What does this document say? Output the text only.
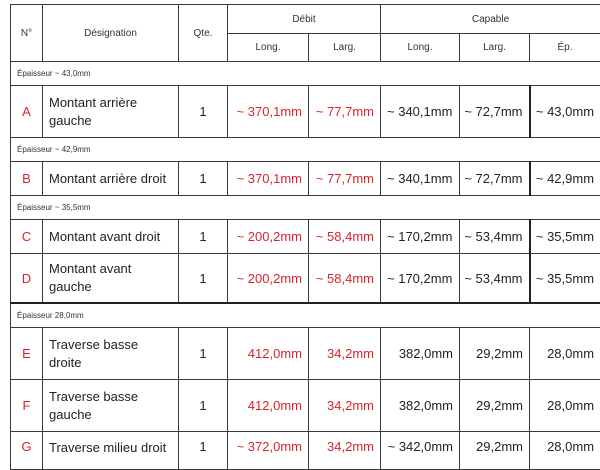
N°	Désignation	Qte.	Débit		Capable		
			Long.	Larg.	Long.	Larg.	Ép.
Épaisseur ~ 43,0mm							
A	Montant arrière gauche	1	~ 370,1mm	~ 77,7mm	~ 340,1mm	~ 72,7mm	~ 43,0mm
Épaisseur ~ 42,9mm							
B	Montant arrière droit	1	~ 370,1mm	~ 77,7mm	~ 340,1mm	~ 72,7mm	~ 42,9mm
Épaisseur ~ 35,5mm							
C	Montant avant droit	1	~ 200,2mm	~ 58,4mm	~ 170,2mm	~ 53,4mm	~ 35,5mm
D	Montant avant gauche	1	~ 200,2mm	~ 58,4mm	~ 170,2mm	~ 53,4mm	~ 35,5mm
Épaisseur 28,0mm							
E	Traverse basse droite	1	412,0mm	34,2mm	382,0mm	29,2mm	28,0mm
F	Traverse basse gauche	1	412,0mm	34,2mm	382,0mm	29,2mm	28,0mm
G	Traverse milieu droit	1	~ 372,0mm	34,2mm	~ 342,0mm	29,2mm	28,0mm
